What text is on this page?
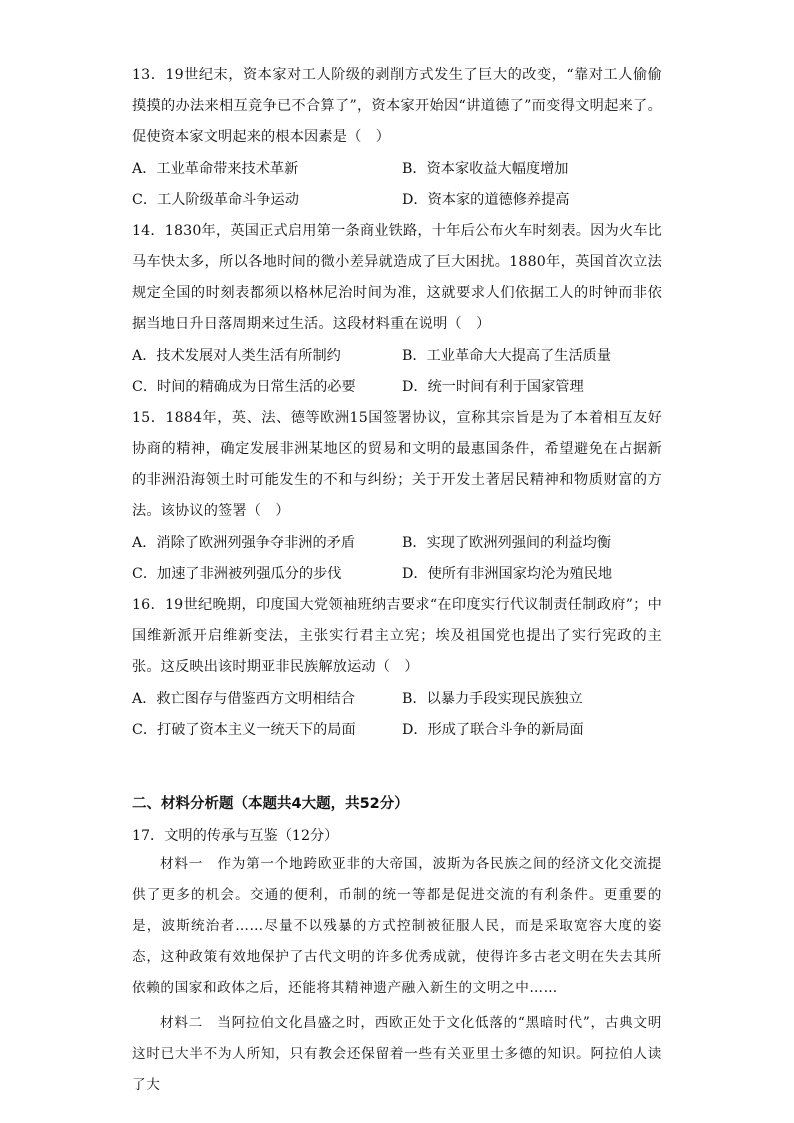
13．19世纪末，资本家对工人阶级的剥削方式发生了巨大的改变，“靠对工人偷偷摸摸的办法来相互竞争已不合算了”，资本家开始因“讲道德了”而变得文明起来了。促使资本家文明起来的根本因素是（　）

A．工业革命带来技术革新	B．资本家收益大幅度增加
C．工人阶级革命斗争运动	D．资本家的道德修养提高

14．1830年，英国正式启用第一条商业铁路，十年后公布火车时刻表。因为火车比马车快太多，所以各地时间的微小差异就造成了巨大困扰。1880年，英国首次立法规定全国的时刻表都须以格林尼治时间为准，这就要求人们依据工人的时钟而非依据当地日升日落周期来过生活。这段材料重在说明（　）

A．技术发展对人类生活有所制约	B．工业革命大大提高了生活质量
C．时间的精确成为日常生活的必要	D．统一时间有利于国家管理

15．1884年，英、法、德等欧洲15国签署协议，宣称其宗旨是为了本着相互友好协商的精神，确定发展非洲某地区的贸易和文明的最惠国条件，希望避免在占据新的非洲沿海领土时可能发生的不和与纠纷；关于开发土著居民精神和物质财富的方法。该协议的签署（　）

A．消除了欧洲列强争夺非洲的矛盾	B．实现了欧洲列强间的利益均衡
C．加速了非洲被列强瓜分的步伐	D．使所有非洲国家均沦为殖民地

16．19世纪晚期，印度国大党领袖班纳吉要求“在印度实行代议制责任制政府”；中国维新派开启维新变法，主张实行君主立宪；埃及祖国党也提出了实行宪政的主张。这反映出该时期亚非民族解放运动（　）

A．救亡图存与借鉴西方文明相结合	B．以暴力手段实现民族独立
C．打破了资本主义一统天下的局面	D．形成了联合斗争的新局面
二、材料分析题（本题共4大题，共52分）
17．文明的传承与互鉴（12分）

材料一　作为第一个地跨欧亚非的大帝国，波斯为各民族之间的经济文化交流提供了更多的机会。交通的便利，币制的统一等都是促进交流的有利条件。更重要的是，波斯统治者……尽量不以残暴的方式控制被征服人民，而是采取宽容大度的姿态，这种政策有效地保护了古代文明的许多优秀成就，使得许多古老文明在失去其所依赖的国家和政体之后，还能将其精神遗产融入新生的文明之中……

材料二　当阿拉伯文化昌盛之时，西欧正处于文化低落的“黑暗时代”，古典文明这时已大半不为人所知，只有教会还保留着一些有关亚里士多德的知识。阿拉伯人读了大
